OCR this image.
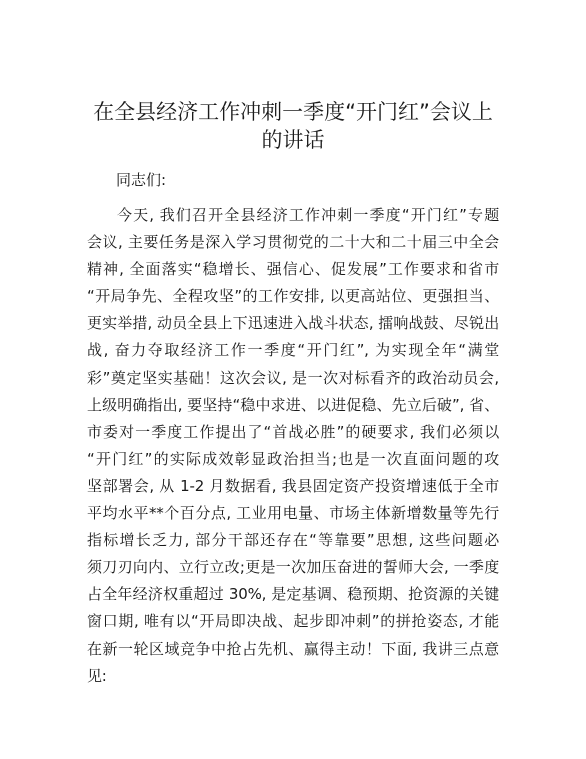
在全县经济工作冲刺一季度“开门红”会议上
的讲话

同志们:

今天, 我们召开全县经济工作冲刺一季度“开门红”专题
会议, 主要任务是深入学习贯彻党的二十大和二十届三中全会
精神, 全面落实“稳增长、强信心、促发展”工作要求和省市
“开局争先、全程攻坚”的工作安排, 以更高站位、更强担当、
更实举措, 动员全县上下迅速进入战斗状态, 擂响战鼓、尽锐出
战, 奋力夺取经济工作一季度“开门红”, 为实现全年“满堂
彩”奠定坚实基础！这次会议, 是一次对标看齐的政治动员会,
上级明确指出, 要坚持“稳中求进、以进促稳、先立后破”, 省、
市委对一季度工作提出了“首战必胜”的硬要求, 我们必须以
“开门红”的实际成效彰显政治担当;也是一次直面问题的攻
坚部署会, 从 1-2 月数据看, 我县固定资产投资增速低于全市
平均水平**个百分点, 工业用电量、市场主体新增数量等先行
指标增长乏力, 部分干部还存在“等靠要”思想, 这些问题必
须刀刃向内、立行立改;更是一次加压奋进的誓师大会, 一季度
占全年经济权重超过 30%, 是定基调、稳预期、抢资源的关键
窗口期, 唯有以“开局即决战、起步即冲刺”的拼抢姿态, 才能
在新一轮区域竞争中抢占先机、赢得主动！下面, 我讲三点意
见:
